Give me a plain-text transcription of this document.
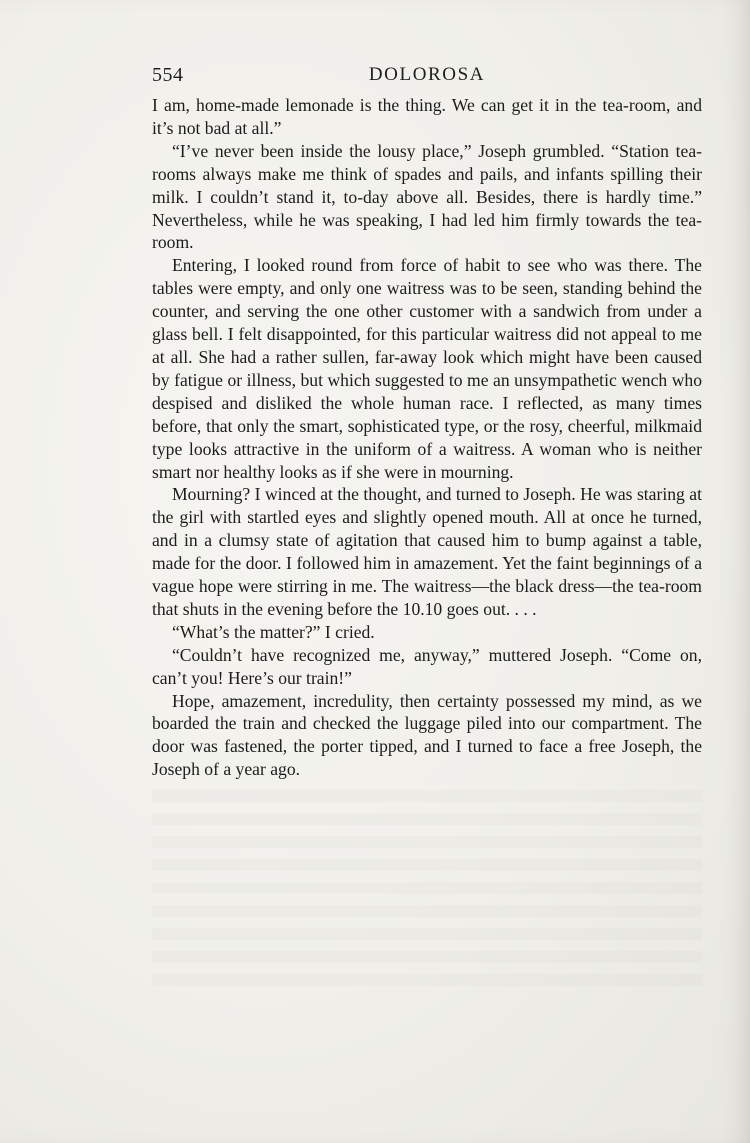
554	DOLOROSA

I am, home-made lemonade is the thing. We can get it in the tea-room, and it’s not bad at all.”

“I’ve never been inside the lousy place,” Joseph grumbled. “Station tea-rooms always make me think of spades and pails, and infants spilling their milk. I couldn’t stand it, to-day above all. Besides, there is hardly time.” Nevertheless, while he was speaking, I had led him firmly towards the tea-room.

Entering, I looked round from force of habit to see who was there. The tables were empty, and only one waitress was to be seen, standing behind the counter, and serving the one other customer with a sandwich from under a glass bell. I felt disappointed, for this particular waitress did not appeal to me at all. She had a rather sullen, far-away look which might have been caused by fatigue or illness, but which suggested to me an unsympathetic wench who despised and disliked the whole human race. I reflected, as many times before, that only the smart, sophisticated type, or the rosy, cheerful, milkmaid type looks attractive in the uniform of a waitress. A woman who is neither smart nor healthy looks as if she were in mourning.

Mourning? I winced at the thought, and turned to Joseph. He was staring at the girl with startled eyes and slightly opened mouth. All at once he turned, and in a clumsy state of agitation that caused him to bump against a table, made for the door. I followed him in amazement. Yet the faint beginnings of a vague hope were stirring in me. The waitress—the black dress—the tea-room that shuts in the evening before the 10.10 goes out. . . .

“What’s the matter?” I cried.

“Couldn’t have recognized me, anyway,” muttered Joseph. “Come on, can’t you! Here’s our train!”

Hope, amazement, incredulity, then certainty possessed my mind, as we boarded the train and checked the luggage piled into our compartment. The door was fastened, the porter tipped, and I turned to face a free Joseph, the Joseph of a year ago.
